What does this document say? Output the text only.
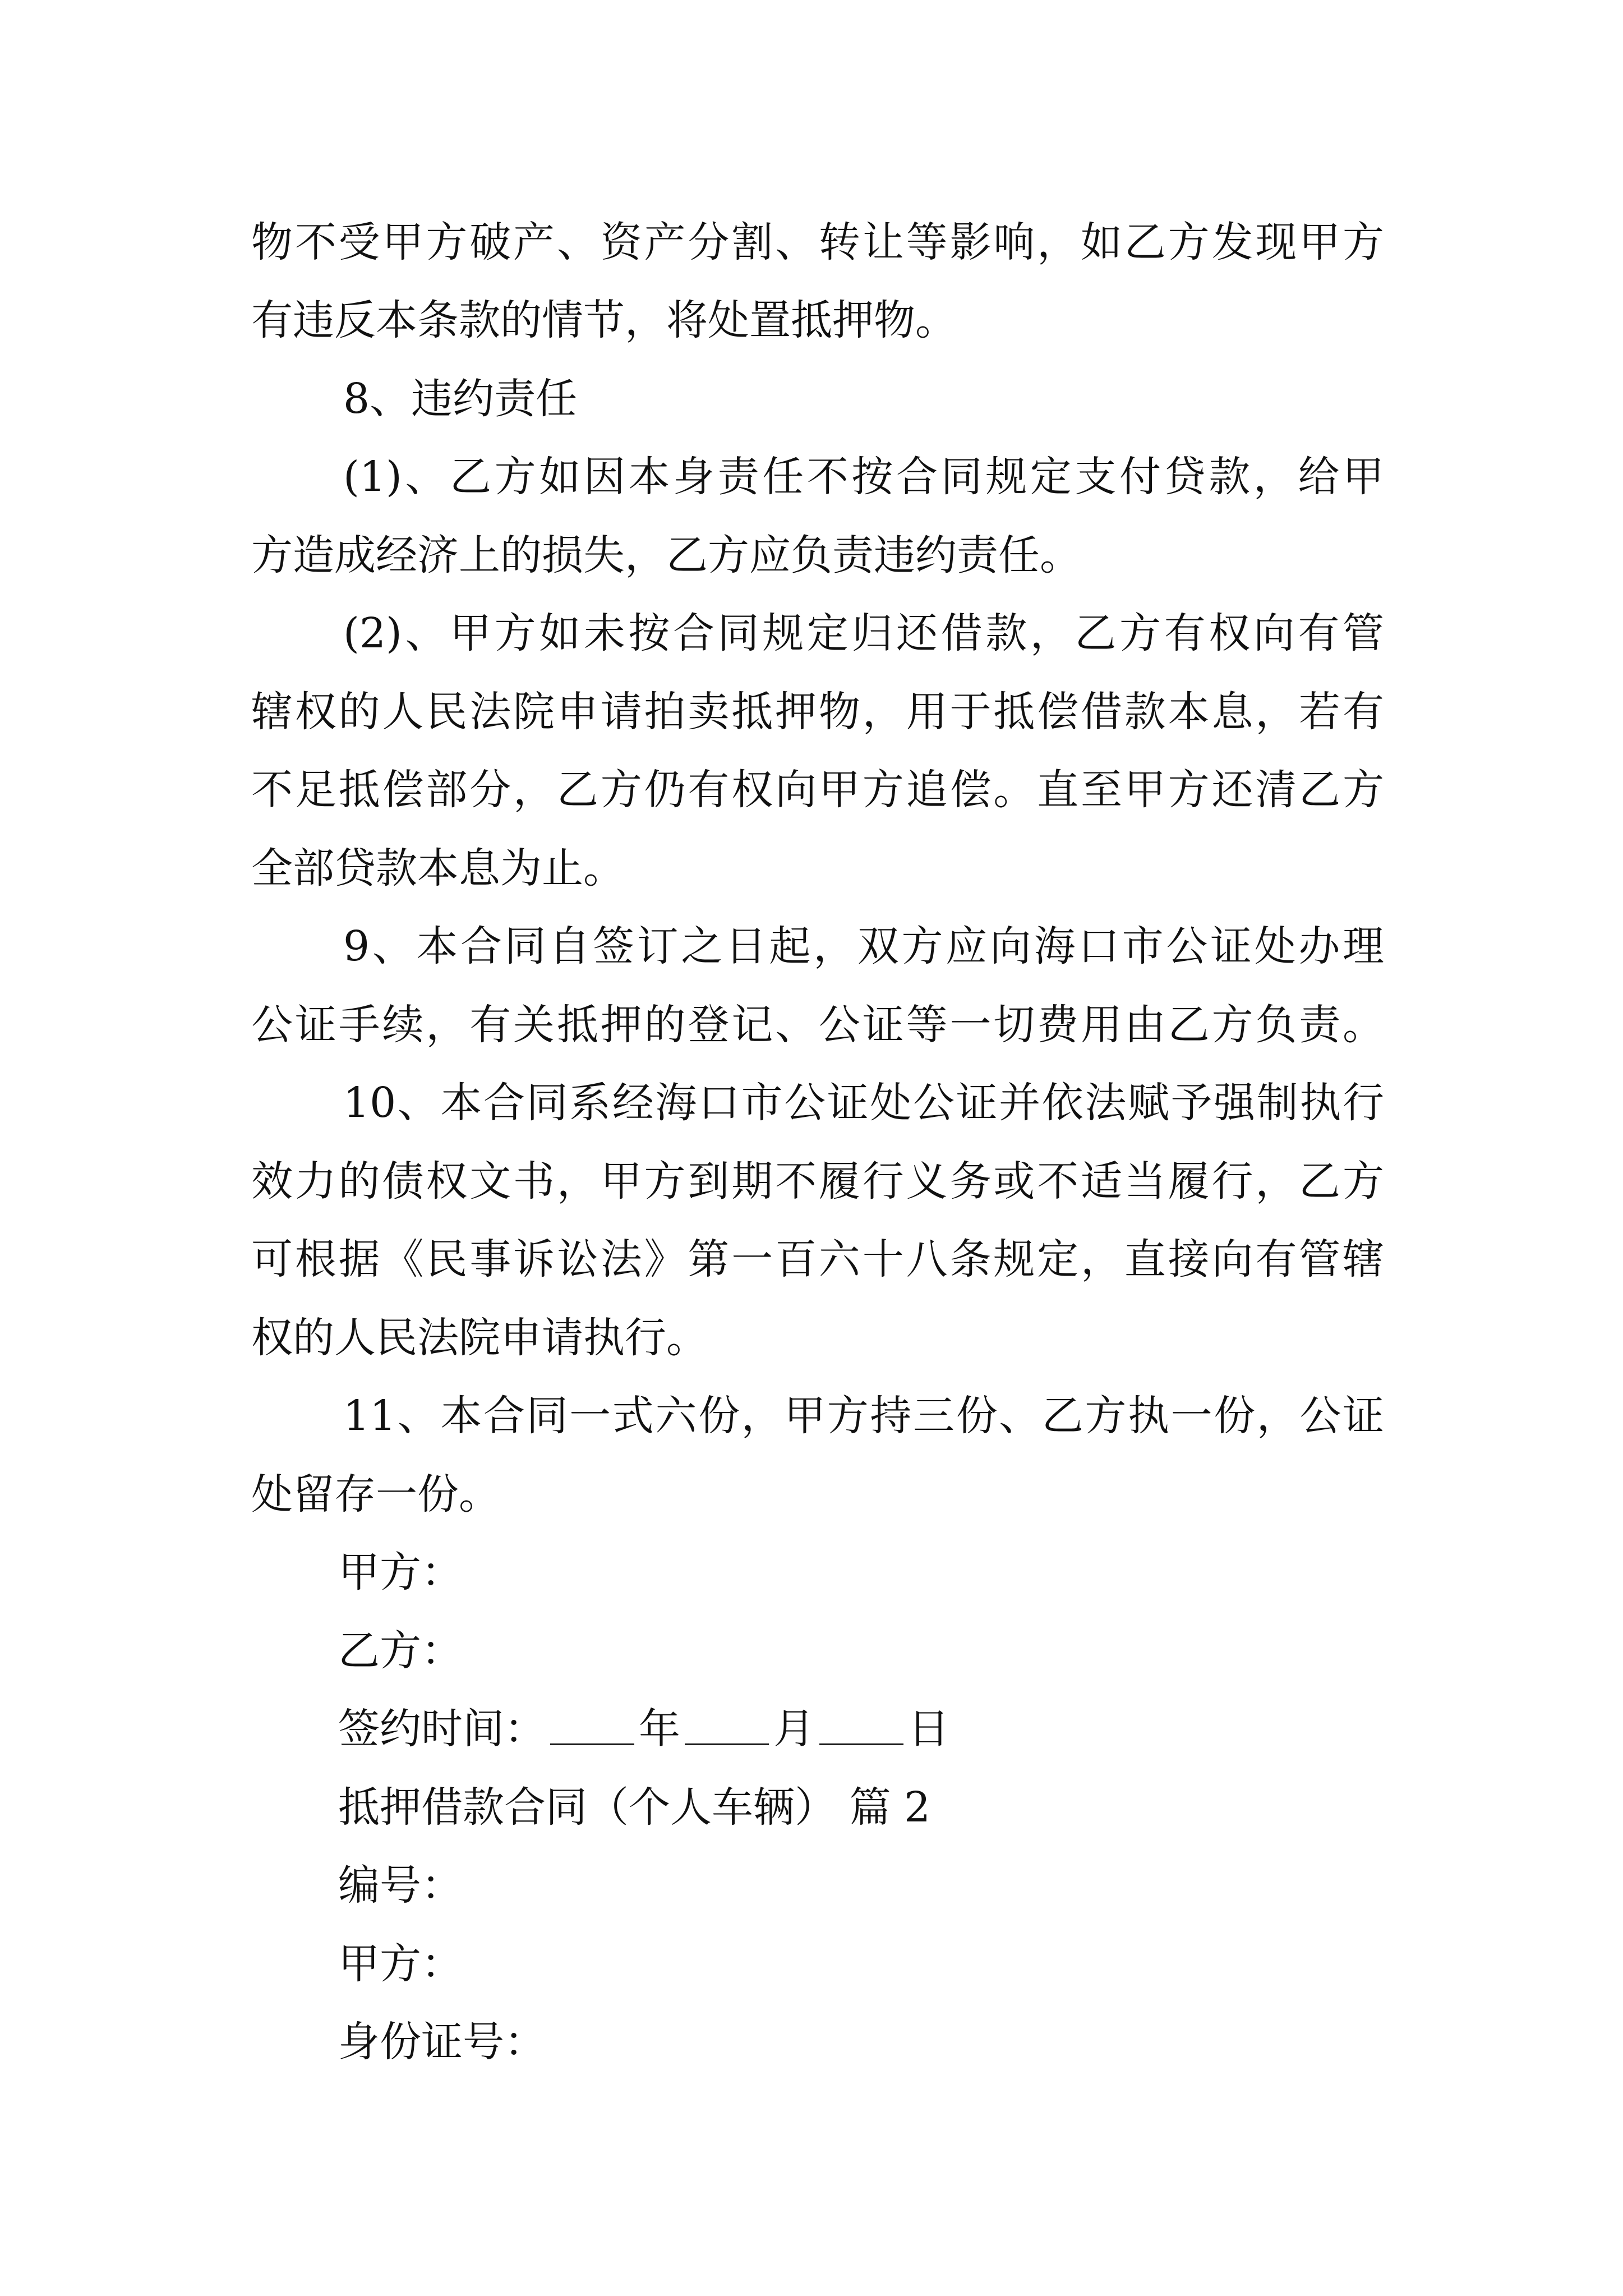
物不受甲方破产、资产分割、转让等影响，如乙方发现甲方
有违反本条款的情节，将处置抵押物。
8、违约责任
(1)、乙方如因本身责任不按合同规定支付贷款，给甲
方造成经济上的损失，乙方应负责违约责任。
(2)、甲方如未按合同规定归还借款，乙方有权向有管
辖权的人民法院申请拍卖抵押物，用于抵偿借款本息，若有
不足抵偿部分，乙方仍有权向甲方追偿。直至甲方还清乙方
全部贷款本息为止。
9、本合同自签订之日起，双方应向海口市公证处办理
公证手续，有关抵押的登记、公证等一切费用由乙方负责。
10、本合同系经海口市公证处公证并依法赋予强制执行
效力的债权文书，甲方到期不履行义务或不适当履行，乙方
可根据《民事诉讼法》第一百六十八条规定，直接向有管辖
权的人民法院申请执行。
11、本合同一式六份，甲方持三份、乙方执一份，公证
处留存一份。
甲方：
乙方：
签约时间： 年 月 日
抵押借款合同（个人车辆） 篇 2
编号：
甲方：
身份证号：
